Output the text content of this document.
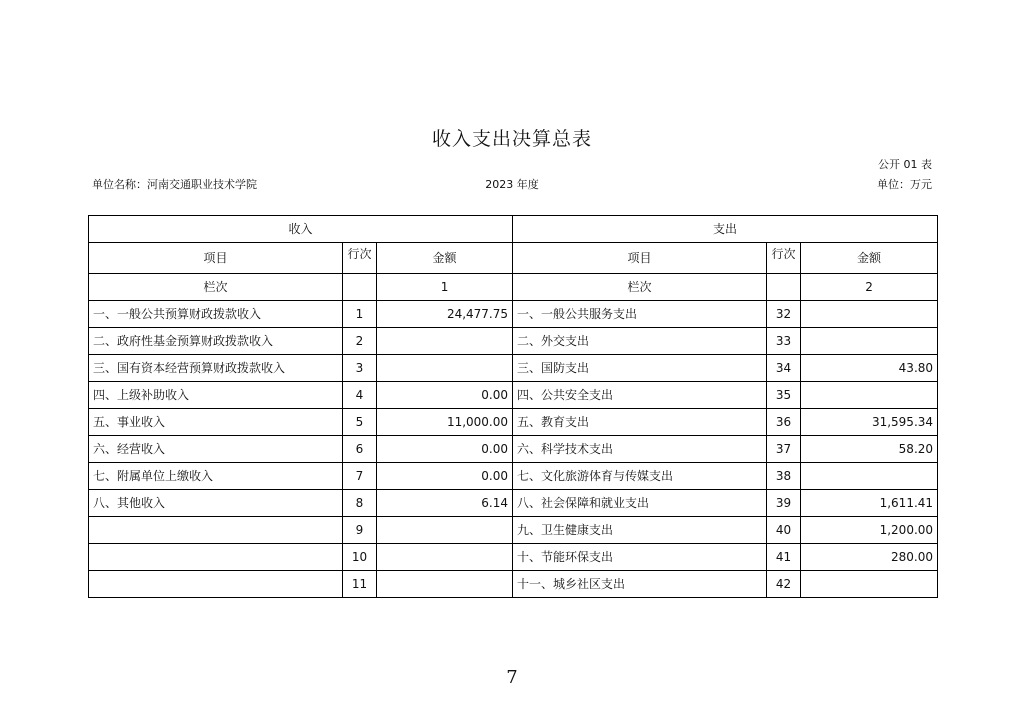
收入支出决算总表
公开 01 表
单位名称：河南交通职业技术学院	2023 年度	单位：万元
收入			支出		
项目	行次	金额	项目	行次	金额
栏次		1	栏次		2
一、一般公共预算财政拨款收入	1	24,477.75	一、一般公共服务支出	32	
二、政府性基金预算财政拨款收入	2		二、外交支出	33	
三、国有资本经营预算财政拨款收入	3		三、国防支出	34	43.80
四、上级补助收入	4	0.00	四、公共安全支出	35	
五、事业收入	5	11,000.00	五、教育支出	36	31,595.34
六、经营收入	6	0.00	六、科学技术支出	37	58.20
七、附属单位上缴收入	7	0.00	七、文化旅游体育与传媒支出	38	
八、其他收入	8	6.14	八、社会保障和就业支出	39	1,611.41
	9		九、卫生健康支出	40	1,200.00
	10		十、节能环保支出	41	280.00
	11		十一、城乡社区支出	42	
7
